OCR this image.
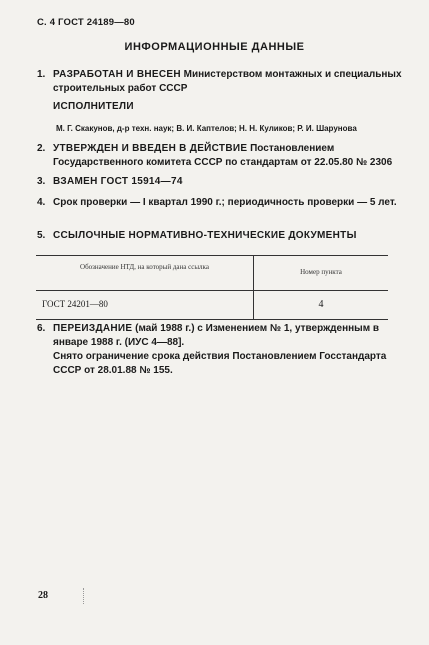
С. 4 ГОСТ 24189—80
ИНФОРМАЦИОННЫЕ ДАННЫЕ
1. РАЗРАБОТАН И ВНЕСЕН Министерством монтажных и специальных строительных работ СССР
ИСПОЛНИТЕЛИ
М. Г. Скакунов, д-р техн. наук; В. И. Каптелов; Н. Н. Куликов; Р. И. Шарунова
2. УТВЕРЖДЕН И ВВЕДЕН В ДЕЙСТВИЕ Постановлением Государственного комитета СССР по стандартам от 22.05.80 № 2306
3. ВЗАМЕН ГОСТ 15914—74
4. Срок проверки — I квартал 1990 г.; периодичность проверки — 5 лет.
5. ССЫЛОЧНЫЕ НОРМАТИВНО-ТЕХНИЧЕСКИЕ ДОКУМЕНТЫ
Обозначение НТД, на который дана ссылка
Номер пункта
ГОСТ 24201—80	4
6. ПЕРЕИЗДАНИЕ (май 1988 г.) с Изменением № 1, утвержденным в январе 1988 г. (ИУС 4—88].
Снято ограничение срока действия Постановлением Госстандарта СССР от 28.01.88 № 155.
28
